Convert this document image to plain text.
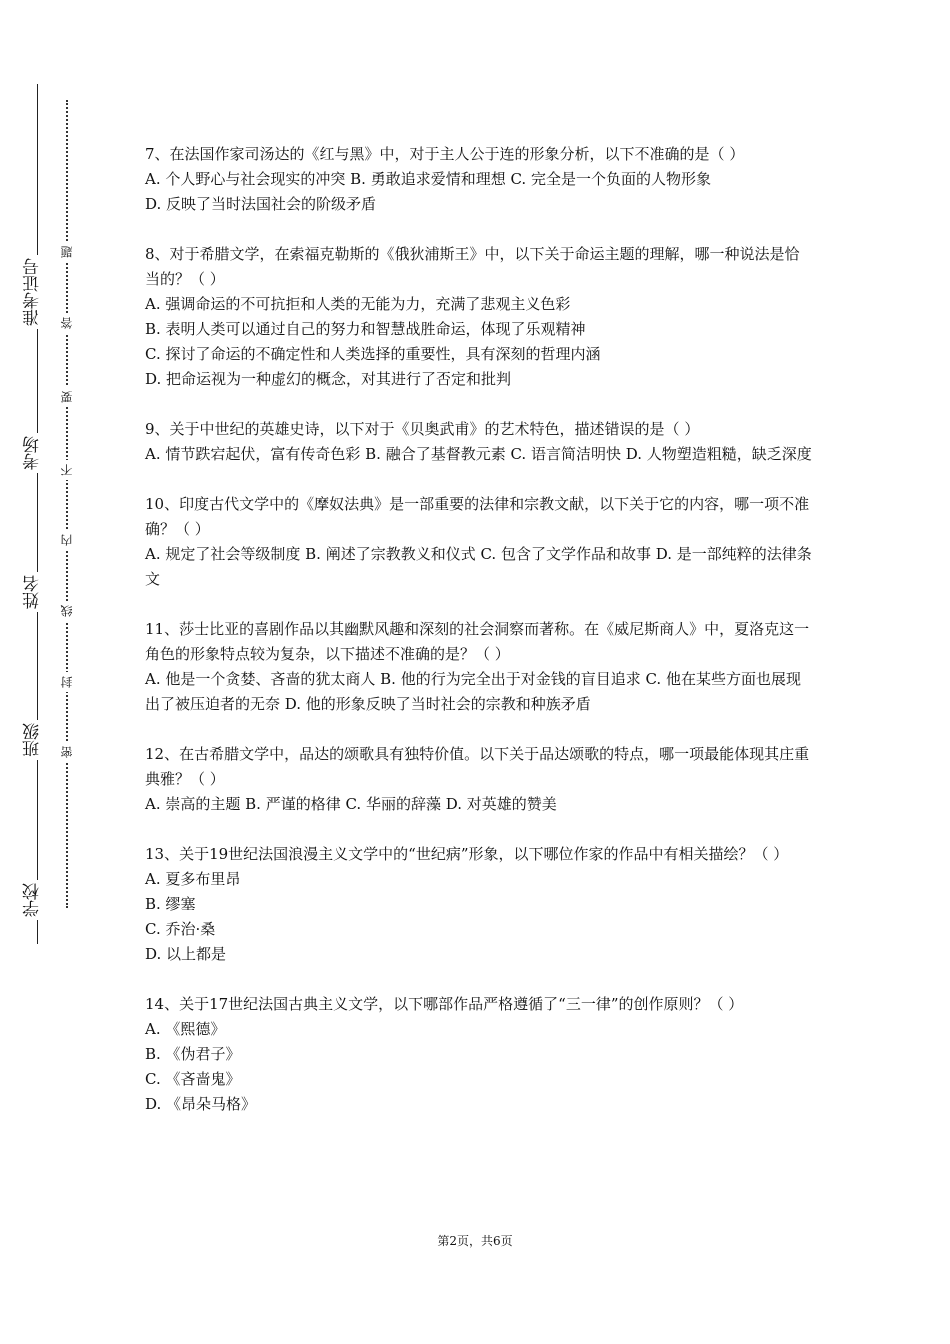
准考证号
考场
姓名
班级
学校
题
答
要
不
内
线
封
密

7、在法国作家司汤达的《红与黑》中，对于主人公于连的形象分析，以下不准确的是（ ）

A. 个人野心与社会现实的冲突 B. 勇敢追求爱情和理想 C. 完全是一个负面的人物形象

D. 反映了当时法国社会的阶级矛盾

8、对于希腊文学，在索福克勒斯的《俄狄浦斯王》中，以下关于命运主题的理解，哪一种说法是恰当的？（ ）

A. 强调命运的不可抗拒和人类的无能为力，充满了悲观主义色彩

B. 表明人类可以通过自己的努力和智慧战胜命运，体现了乐观精神

C. 探讨了命运的不确定性和人类选择的重要性，具有深刻的哲理内涵

D. 把命运视为一种虚幻的概念，对其进行了否定和批判

9、关于中世纪的英雄史诗，以下对于《贝奥武甫》的艺术特色，描述错误的是（ ）

A. 情节跌宕起伏，富有传奇色彩 B. 融合了基督教元素 C. 语言简洁明快 D. 人物塑造粗糙，缺乏深度

10、印度古代文学中的《摩奴法典》是一部重要的法律和宗教文献，以下关于它的内容，哪一项不准确？（ ）

A. 规定了社会等级制度 B. 阐述了宗教教义和仪式 C. 包含了文学作品和故事 D. 是一部纯粹的法律条文

11、莎士比亚的喜剧作品以其幽默风趣和深刻的社会洞察而著称。在《威尼斯商人》中，夏洛克这一角色的形象特点较为复杂，以下描述不准确的是？（ ）

A. 他是一个贪婪、吝啬的犹太商人 B. 他的行为完全出于对金钱的盲目追求 C. 他在某些方面也展现出了被压迫者的无奈 D. 他的形象反映了当时社会的宗教和种族矛盾

12、在古希腊文学中，品达的颂歌具有独特价值。以下关于品达颂歌的特点，哪一项最能体现其庄重典雅？（ ）

A. 崇高的主题 B. 严谨的格律 C. 华丽的辞藻 D. 对英雄的赞美

13、关于19世纪法国浪漫主义文学中的“世纪病”形象，以下哪位作家的作品中有相关描绘？（ ）

A. 夏多布里昂

B. 缪塞

C. 乔治·桑

D. 以上都是

14、关于17世纪法国古典主义文学，以下哪部作品严格遵循了“三一律”的创作原则？（ ）

A. 《熙德》

B. 《伪君子》

C. 《吝啬鬼》

D. 《昂朵马格》

第2页，共6页
